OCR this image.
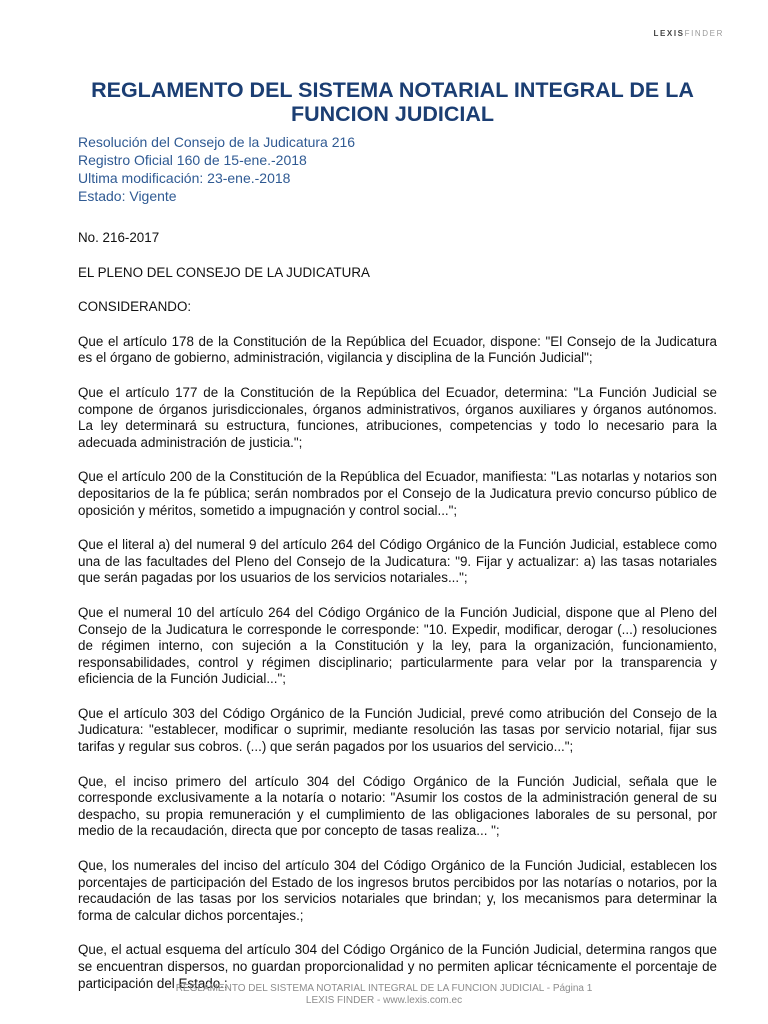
LEXISFINDER
REGLAMENTO DEL SISTEMA NOTARIAL INTEGRAL DE LA FUNCION JUDICIAL
Resolución del Consejo de la Judicatura 216
Registro Oficial 160 de 15-ene.-2018
Ultima modificación: 23-ene.-2018
Estado: Vigente

No. 216-2017

EL PLENO DEL CONSEJO DE LA JUDICATURA

CONSIDERANDO:

Que el artículo 178 de la Constitución de la República del Ecuador, dispone: "El Consejo de la Judicatura es el órgano de gobierno, administración, vigilancia y disciplina de la Función Judicial";

Que el artículo 177 de la Constitución de la República del Ecuador, determina: "La Función Judicial se compone de órganos jurisdiccionales, órganos administrativos, órganos auxiliares y órganos autónomos. La ley determinará su estructura, funciones, atribuciones, competencias y todo lo necesario para la adecuada administración de justicia.";

Que el artículo 200 de la Constitución de la República del Ecuador, manifiesta: "Las notarlas y notarios son depositarios de la fe pública; serán nombrados por el Consejo de la Judicatura previo concurso público de oposición y méritos, sometido a impugnación y control social...";

Que el literal a) del numeral 9 del artículo 264 del Código Orgánico de la Función Judicial, establece como una de las facultades del Pleno del Consejo de la Judicatura: "9. Fijar y actualizar: a) las tasas notariales que serán pagadas por los usuarios de los servicios notariales...";

Que el numeral 10 del artículo 264 del Código Orgánico de la Función Judicial, dispone que al Pleno del Consejo de la Judicatura le corresponde le corresponde: "10. Expedir, modificar, derogar (...) resoluciones de régimen interno, con sujeción a la Constitución y la ley, para la organización, funcionamiento, responsabilidades, control y régimen disciplinario; particularmente para velar por la transparencia y eficiencia de la Función Judicial...";

Que el artículo 303 del Código Orgánico de la Función Judicial, prevé como atribución del Consejo de la Judicatura: "establecer, modificar o suprimir, mediante resolución las tasas por servicio notarial, fijar sus tarifas y regular sus cobros. (...) que serán pagados por los usuarios del servicio...";

Que, el inciso primero del artículo 304 del Código Orgánico de la Función Judicial, señala que le corresponde exclusivamente a la notaría o notario: "Asumir los costos de la administración general de su despacho, su propia remuneración y el cumplimiento de las obligaciones laborales de su personal, por medio de la recaudación, directa que por concepto de tasas realiza... ";

Que, los numerales del inciso del artículo 304 del Código Orgánico de la Función Judicial, establecen los porcentajes de participación del Estado de los ingresos brutos percibidos por las notarías o notarios, por la recaudación de las tasas por los servicios notariales que brindan; y, los mecanismos para determinar la forma de calcular dichos porcentajes.;

Que, el actual esquema del artículo 304 del Código Orgánico de la Función Judicial, determina rangos que se encuentran dispersos, no guardan proporcionalidad y no permiten aplicar técnicamente el porcentaje de participación del Estado.;

REGLAMENTO DEL SISTEMA NOTARIAL INTEGRAL DE LA FUNCION JUDICIAL - Página 1
LEXIS FINDER - www.lexis.com.ec
